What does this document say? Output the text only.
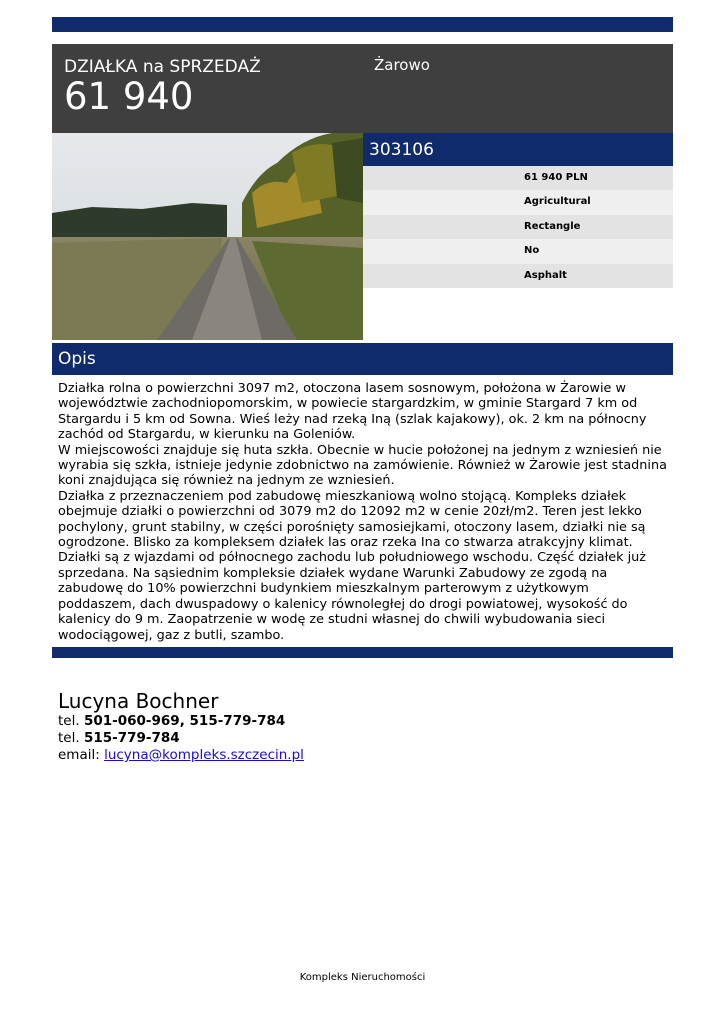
DZIAŁKA na SPRZEDAŻ
61 940
Żarowo
303106
61 940 PLN
Agricultural
Rectangle
No
Asphalt
Opis

Działka rolna o powierzchni 3097 m2, otoczona lasem sosnowym, położona w Żarowie w województwie zachodniopomorskim, w powiecie stargardzkim, w gminie Stargard 7 km od Stargardu i 5 km od Sowna. Wieś leży nad rzeką Iną (szlak kajakowy), ok. 2 km na północny zachód od Stargardu, w kierunku na Goleniów.

W miejscowości znajduje się huta szkła. Obecnie w hucie położonej na jednym z wzniesień nie wyrabia się szkła, istnieje jedynie zdobnictwo na zamówienie. Również w Żarowie jest stadnina koni znajdująca się również na jednym ze wzniesień.

Działka z przeznaczeniem pod zabudowę mieszkaniową wolno stojącą. Kompleks działek obejmuje działki o powierzchni od 3079 m2 do 12092 m2 w cenie 20zł/m2. Teren jest lekko pochylony, grunt stabilny, w części porośnięty samosiejkami, otoczony lasem, działki nie są ogrodzone. Blisko za kompleksem działek las oraz rzeka Ina co stwarza atrakcyjny klimat. Działki są z wjazdami od północnego zachodu lub południowego wschodu. Część działek już sprzedana. Na sąsiednim kompleksie działek wydane Warunki Zabudowy ze zgodą na zabudowę do 10% powierzchni budynkiem mieszkalnym parterowym z użytkowym poddaszem, dach dwuspadowy o kalenicy równoległej do drogi powiatowej, wysokość do kalenicy do 9 m. Zaopatrzenie w wodę ze studni własnej do chwili wybudowania sieci wodociągowej, gaz z butli, szambo.

Lucyna Bochner
tel. 501-060-969, 515-779-784
tel. 515-779-784
email: lucyna@kompleks.szczecin.pl
Kompleks Nieruchomości
